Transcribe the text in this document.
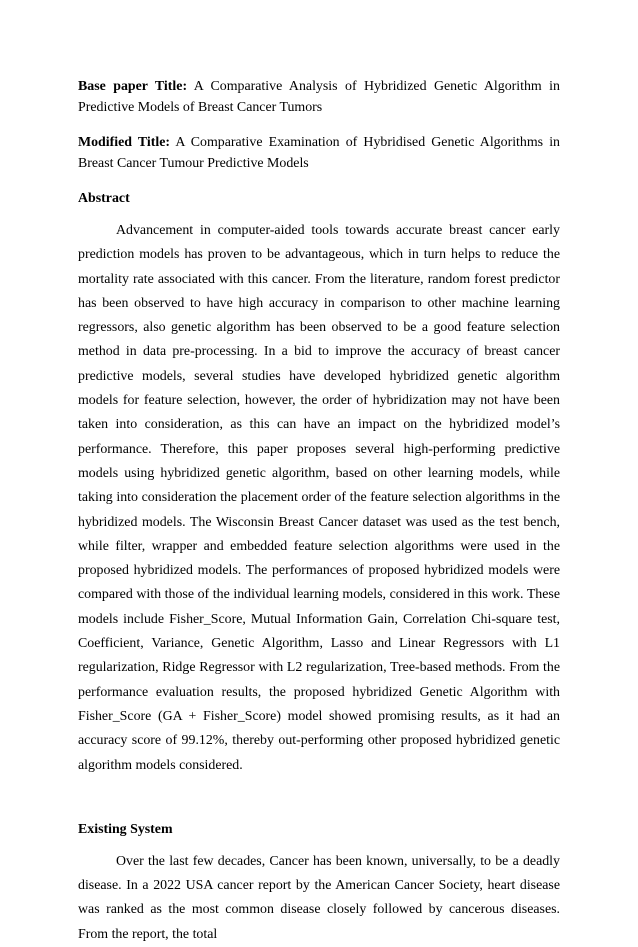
Base paper Title: A Comparative Analysis of Hybridized Genetic Algorithm in Predictive Models of Breast Cancer Tumors

Modified Title: A Comparative Examination of Hybridised Genetic Algorithms in Breast Cancer Tumour Predictive Models

Abstract

Advancement in computer-aided tools towards accurate breast cancer early prediction models has proven to be advantageous, which in turn helps to reduce the mortality rate associated with this cancer. From the literature, random forest predictor has been observed to have high accuracy in comparison to other machine learning regressors, also genetic algorithm has been observed to be a good feature selection method in data pre-processing. In a bid to improve the accuracy of breast cancer predictive models, several studies have developed hybridized genetic algorithm models for feature selection, however, the order of hybridization may not have been taken into consideration, as this can have an impact on the hybridized model’s performance. Therefore, this paper proposes several high-performing predictive models using hybridized genetic algorithm, based on other learning models, while taking into consideration the placement order of the feature selection algorithms in the hybridized models. The Wisconsin Breast Cancer dataset was used as the test bench, while filter, wrapper and embedded feature selection algorithms were used in the proposed hybridized models. The performances of proposed hybridized models were compared with those of the individual learning models, considered in this work. These models include Fisher_Score, Mutual Information Gain, Correlation Chi-square test, Coefficient, Variance, Genetic Algorithm, Lasso and Linear Regressors with L1 regularization, Ridge Regressor with L2 regularization, Tree-based methods. From the performance evaluation results, the proposed hybridized Genetic Algorithm with Fisher_Score (GA + Fisher_Score) model showed promising results, as it had an accuracy score of 99.12%, thereby out-performing other proposed hybridized genetic algorithm models considered.

Existing System

Over the last few decades, Cancer has been known, universally, to be a deadly disease. In a 2022 USA cancer report by the American Cancer Society, heart disease was ranked as the most common disease closely followed by cancerous diseases. From the report, the total
